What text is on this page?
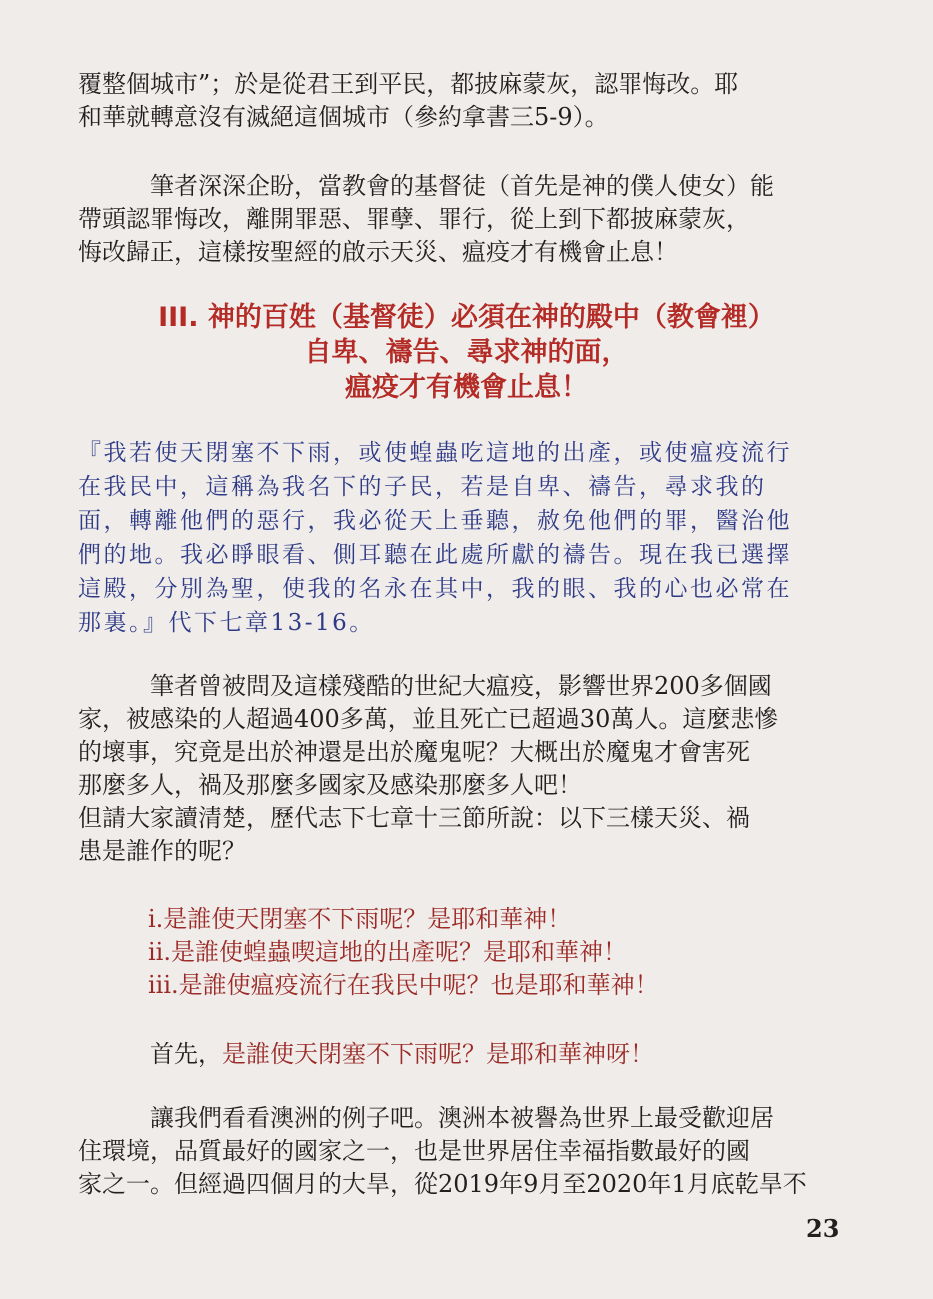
覆整個城市”；於是從君王到平民，都披麻蒙灰，認罪悔改。耶

和華就轉意沒有滅絕這個城市（參約拿書三5-9）。

筆者深深企盼，當教會的基督徒（首先是神的僕人使女）能

帶頭認罪悔改，離開罪惡、罪孽、罪行，從上到下都披麻蒙灰，

悔改歸正，這樣按聖經的啟示天災、瘟疫才有機會止息！

III. 神的百姓（基督徒）必須在神的殿中（教會裡）

自卑、禱告、尋求神的面，

瘟疫才有機會止息！

『我若使天閉塞不下雨，或使蝗蟲吃這地的出產，或使瘟疫流行

在我民中，這稱為我名下的子民，若是自卑、禱告，尋求我的

面，轉離他們的惡行，我必從天上垂聽，赦免他們的罪，醫治他

們的地。我必睜眼看、側耳聽在此處所獻的禱告。現在我已選擇

這殿，分別為聖，使我的名永在其中，我的眼、我的心也必常在

那裏。』代下七章13-16。

筆者曾被問及這樣殘酷的世紀大瘟疫，影響世界200多個國

家，被感染的人超過400多萬，並且死亡已超過30萬人。這麼悲慘

的壞事，究竟是出於神還是出於魔鬼呢？大概出於魔鬼才會害死

那麼多人，禍及那麼多國家及感染那麼多人吧！

但請大家讀清楚，歷代志下七章十三節所說：以下三樣天災、禍

患是誰作的呢？

i.是誰使天閉塞不下雨呢？是耶和華神！

ii.是誰使蝗蟲喫這地的出產呢？是耶和華神！

iii.是誰使瘟疫流行在我民中呢？也是耶和華神！

首先，是誰使天閉塞不下雨呢？是耶和華神呀！

讓我們看看澳洲的例子吧。澳洲本被譽為世界上最受歡迎居

住環境，品質最好的國家之一，也是世界居住幸福指數最好的國

家之一。但經過四個月的大旱，從2019年9月至2020年1月底乾旱不

23
